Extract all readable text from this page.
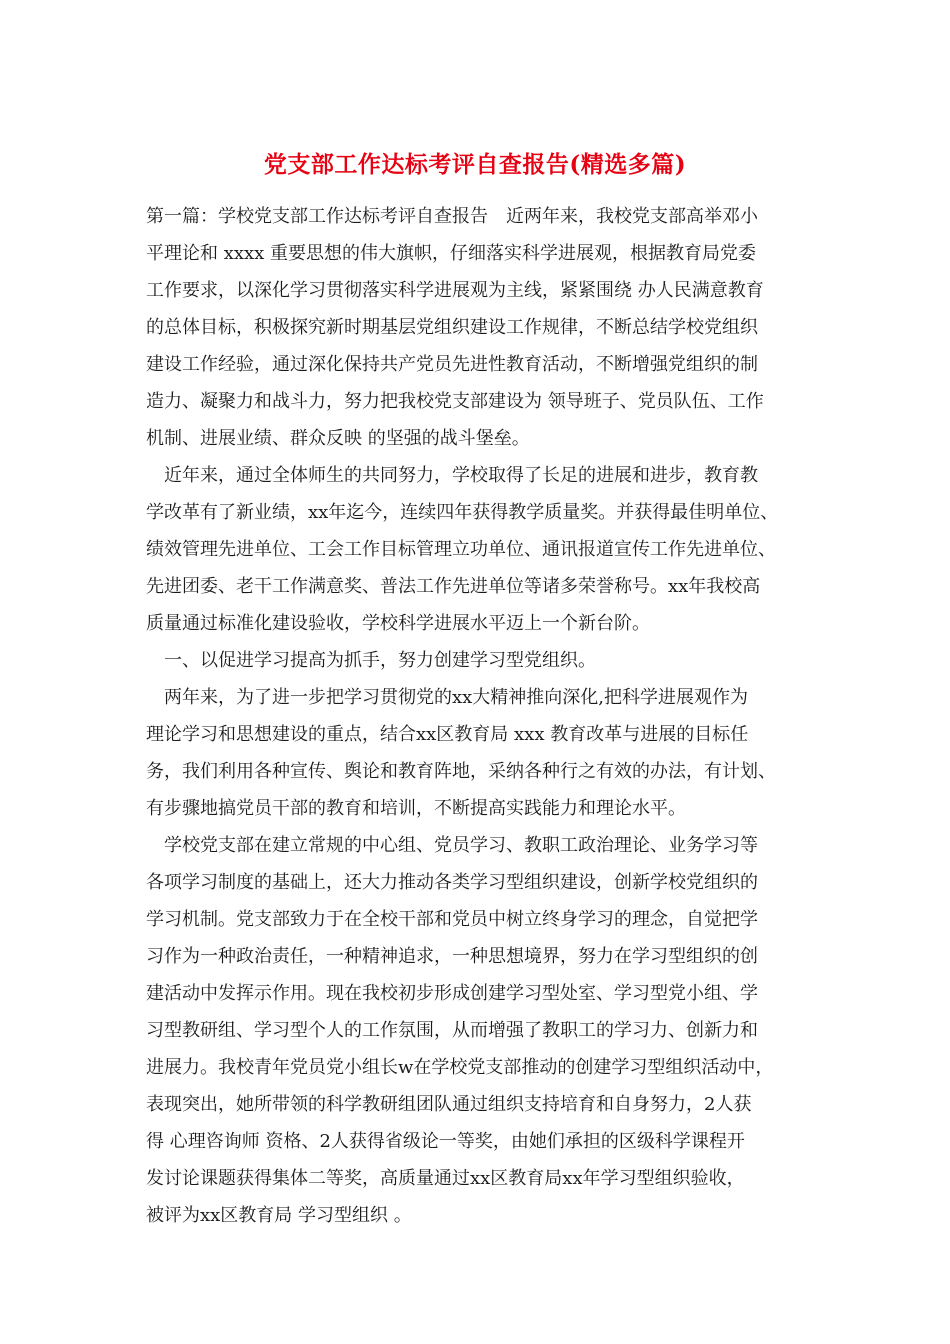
党支部工作达标考评自查报告(精选多篇)
第一篇：学校党支部工作达标考评自查报告　近两年来，我校党支部高举邓小
平理论和 xxxx 重要思想的伟大旗帜，仔细落实科学进展观，根据教育局党委
工作要求，以深化学习贯彻落实科学进展观为主线，紧紧围绕 办人民满意教育
的总体目标，积极探究新时期基层党组织建设工作规律，不断总结学校党组织
建设工作经验，通过深化保持共产党员先进性教育活动，不断增强党组织的制
造力、凝聚力和战斗力，努力把我校党支部建设为 领导班子、党员队伍、工作
机制、进展业绩、群众反映 的坚强的战斗堡垒。
　近年来，通过全体师生的共同努力，学校取得了长足的进展和进步，教育教
学改革有了新业绩，xx年迄今，连续四年获得教学质量奖。并获得最佳明单位、
绩效管理先进单位、工会工作目标管理立功单位、通讯报道宣传工作先进单位、
先进团委、老干工作满意奖、普法工作先进单位等诸多荣誉称号。xx年我校高
质量通过标准化建设验收，学校科学进展水平迈上一个新台阶。
　一、以促进学习提高为抓手，努力创建学习型党组织。
　两年来，为了进一步把学习贯彻党的xx大精神推向深化,把科学进展观作为
理论学习和思想建设的重点，结合xx区教育局 xxx 教育改革与进展的目标任
务，我们利用各种宣传、舆论和教育阵地，采纳各种行之有效的办法，有计划、
有步骤地搞党员干部的教育和培训，不断提高实践能力和理论水平。
　学校党支部在建立常规的中心组、党员学习、教职工政治理论、业务学习等
各项学习制度的基础上，还大力推动各类学习型组织建设，创新学校党组织的
学习机制。党支部致力于在全校干部和党员中树立终身学习的理念，自觉把学
习作为一种政治责任，一种精神追求，一种思想境界，努力在学习型组织的创
建活动中发挥示作用。现在我校初步形成创建学习型处室、学习型党小组、学
习型教研组、学习型个人的工作氛围，从而增强了教职工的学习力、创新力和
进展力。我校青年党员党小组长w在学校党支部推动的创建学习型组织活动中，
表现突出，她所带领的科学教研组团队通过组织支持培育和自身努力，2人获
得 心理咨询师 资格、2人获得省级论一等奖，由她们承担的区级科学课程开
发讨论课题获得集体二等奖，高质量通过xx区教育局xx年学习型组织验收，
被评为xx区教育局 学习型组织 。
